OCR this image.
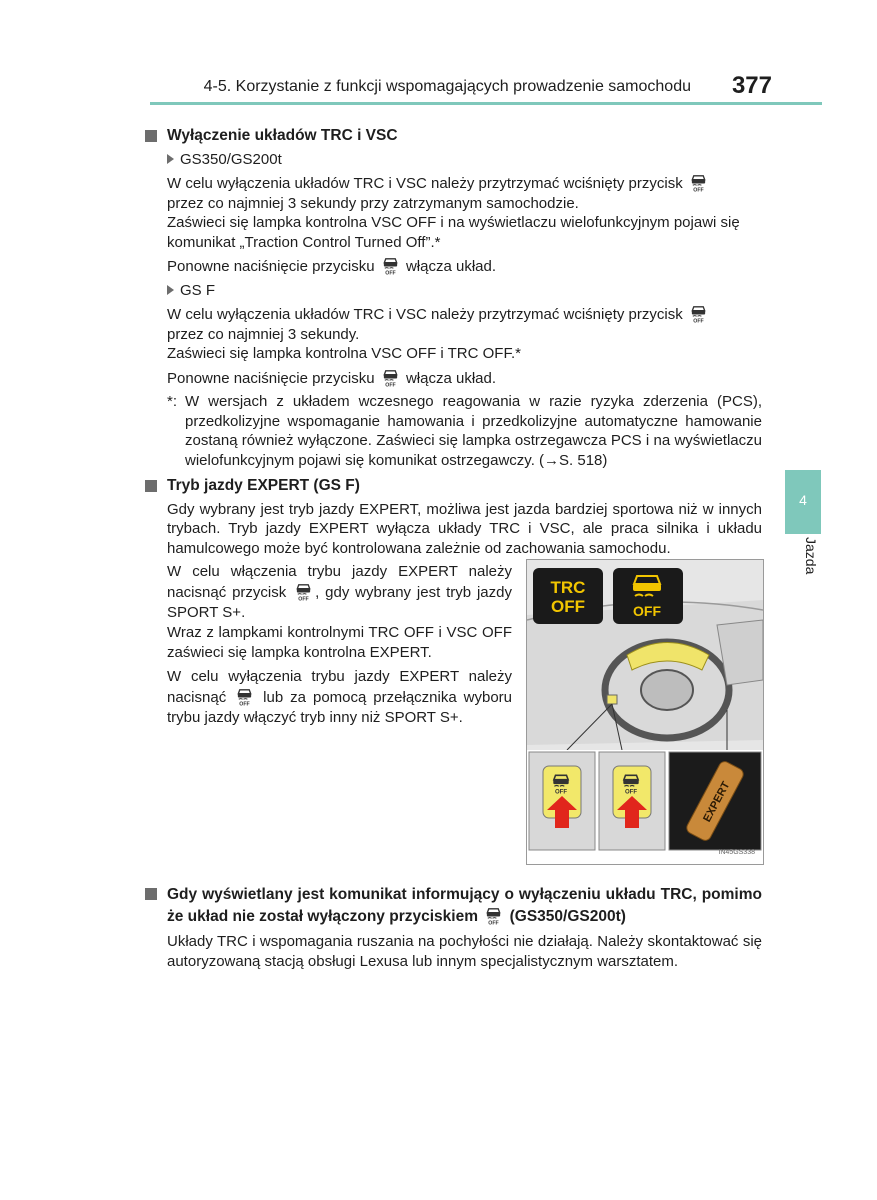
4-5. Korzystanie z funkcji wspomagających prowadzenie samochodu 377
4
Jazda
Wyłączenie układów TRC i VSC
GS350/GS200t
W celu wyłączenia układów TRC i VSC należy przytrzymać wciśnięty przycisk
przez co najmniej 3 sekundy przy zatrzymanym samochodzie.
Zaświeci się lampka kontrolna VSC OFF i na wyświetlaczu wielofunkcyjnym pojawi się komunikat „Traction Control Turned Off”.*
Ponowne naciśnięcie przycisku włącza układ.
GS F
W celu wyłączenia układów TRC i VSC należy przytrzymać wciśnięty przycisk
przez co najmniej 3 sekundy.
Zaświeci się lampka kontrolna VSC OFF i TRC OFF.*
Ponowne naciśnięcie przycisku włącza układ.
*: W wersjach z układem wczesnego reagowania w razie ryzyka zderzenia (PCS), przedkolizyjne wspomaganie hamowania i przedkolizyjne automatyczne hamowanie zostaną również wyłączone. Zaświeci się lampka ostrzegawcza PCS i na wyświetlaczu wielofunkcyjnym pojawi się komunikat ostrzegawczy. (→S. 518)
Tryb jazdy EXPERT (GS F)
Gdy wybrany jest tryb jazdy EXPERT, możliwa jest jazda bardziej sportowa niż w innych trybach. Tryb jazdy EXPERT wyłącza układy TRC i VSC, ale praca silnika i układu hamulcowego może być kontrolowana zależnie od zachowania samochodu.
W celu włączenia trybu jazdy EXPERT należy nacisnąć przycisk , gdy wybrany jest tryb jazdy SPORT S+.
Wraz z lampkami kontrolnymi TRC OFF i VSC OFF zaświeci się lampka kontrolna EXPERT.
W celu wyłączenia trybu jazdy EXPERT należy nacisnąć lub za pomocą przełącznika wyboru trybu jazdy włączyć tryb inny niż SPORT S+.
TRC
OFF	OFF
EXPERT
IN45GS338
Gdy wyświetlany jest komunikat informujący o wyłączeniu układu TRC, pomimo że układ nie został wyłączony przyciskiem (GS350/GS200t)
Układy TRC i wspomagania ruszania na pochyłości nie działają. Należy skontaktować się autoryzowaną stacją obsługi Lexusa lub innym specjalistycznym warsztatem.
